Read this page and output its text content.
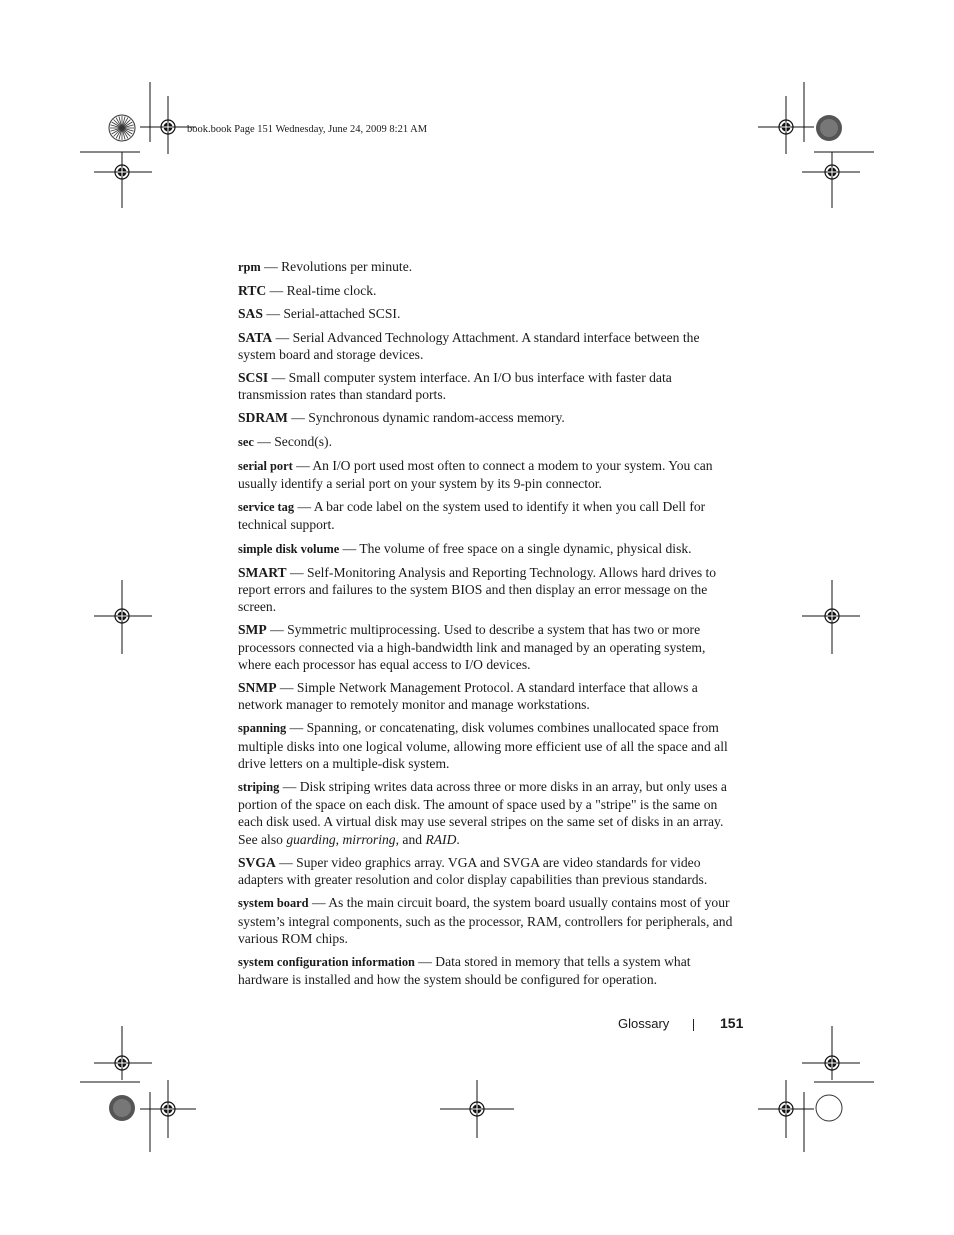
book.book Page 151 Wednesday, June 24, 2009 8:21 AM

rpm — Revolutions per minute.

RTC — Real-time clock.

SAS — Serial-attached SCSI.

SATA — Serial Advanced Technology Attachment. A standard interface between the system board and storage devices.

SCSI — Small computer system interface. An I/O bus interface with faster data transmission rates than standard ports.

SDRAM — Synchronous dynamic random-access memory.

sec — Second(s).

serial port — An I/O port used most often to connect a modem to your system. You can usually identify a serial port on your system by its 9-pin connector.

service tag — A bar code label on the system used to identify it when you call Dell for technical support.

simple disk volume — The volume of free space on a single dynamic, physical disk.

SMART — Self-Monitoring Analysis and Reporting Technology. Allows hard drives to report errors and failures to the system BIOS and then display an error message on the screen.

SMP — Symmetric multiprocessing. Used to describe a system that has two or more processors connected via a high-bandwidth link and managed by an operating system, where each processor has equal access to I/O devices.

SNMP — Simple Network Management Protocol. A standard interface that allows a network manager to remotely monitor and manage workstations.

spanning — Spanning, or concatenating, disk volumes combines unallocated space from multiple disks into one logical volume, allowing more efficient use of all the space and all drive letters on a multiple-disk system.

striping — Disk striping writes data across three or more disks in an array, but only uses a portion of the space on each disk. The amount of space used by a "stripe" is the same on each disk used. A virtual disk may use several stripes on the same set of disks in an array. See also guarding, mirroring, and RAID.

SVGA — Super video graphics array. VGA and SVGA are video standards for video adapters with greater resolution and color display capabilities than previous standards.

system board — As the main circuit board, the system board usually contains most of your system’s integral components, such as the processor, RAM, controllers for peripherals, and various ROM chips.

system configuration information — Data stored in memory that tells a system what hardware is installed and how the system should be configured for operation.

Glossary	151
